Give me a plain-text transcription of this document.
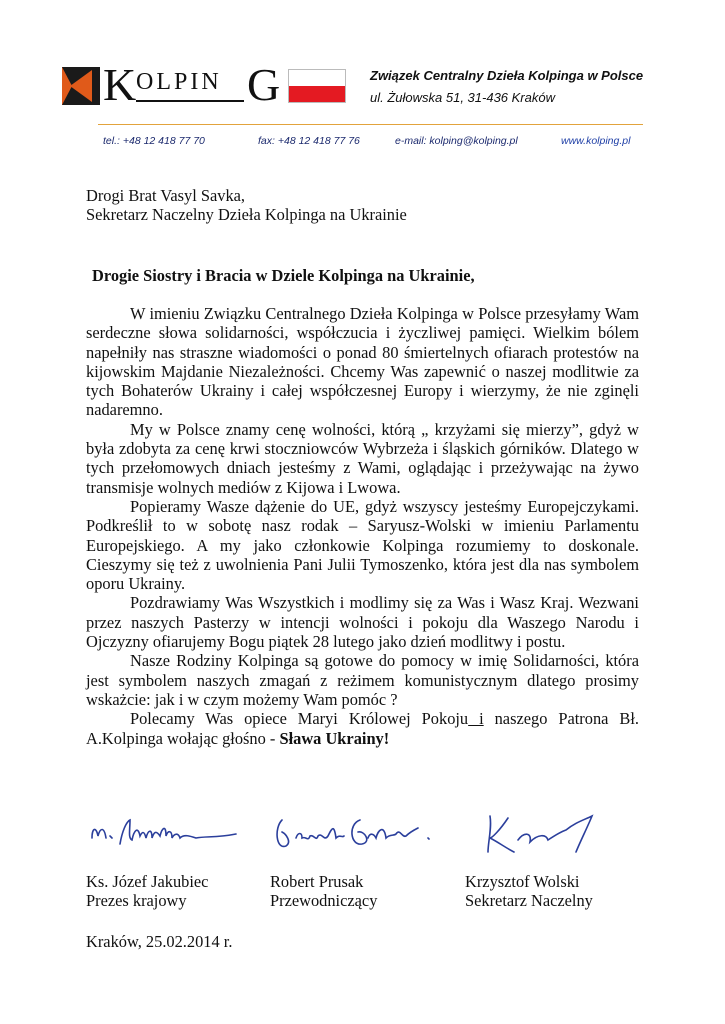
K OLPIN G	Związek Centralny Dzieła Kolpinga w Polsce
ul. Żułowska 51, 31-436 Kraków
tel.: +48 12 418 77 70	fax: +48 12 418 77 76	e-mail: kolping@kolping.pl	www.kolping.pl
Drogi Brat Vasyl Savka,
Sekretarz Naczelny Dzieła Kolpinga na Ukrainie
Drogie Siostry i Bracia w Dziele Kolpinga na Ukrainie,

W imieniu Związku Centralnego Dzieła Kolpinga w Polsce przesyłamy Wam serdeczne słowa solidarności, współczucia i życzliwej pamięci. Wielkim bólem napełniły nas straszne wiadomości o ponad 80 śmiertelnych ofiarach protestów na kijowskim Majdanie Niezależności. Chcemy Was zapewnić o naszej modlitwie za tych Bohaterów Ukrainy i całej współczesnej Europy i wierzymy, że nie zginęli nadaremno.

My w Polsce znamy cenę wolności, którą „ krzyżami się mierzy”, gdyż w była zdobyta za cenę krwi stoczniowców Wybrzeża i śląskich górników. Dlatego w tych przełomowych dniach jesteśmy z Wami, oglądając i przeżywając na żywo transmisje wolnych mediów z Kijowa i Lwowa.

Popieramy Wasze dążenie do UE, gdyż wszyscy jesteśmy Europejczykami. Podkreślił to w sobotę nasz rodak – Saryusz-Wolski w imieniu Parlamentu Europejskiego. A my jako członkowie Kolpinga rozumiemy to doskonale. Cieszymy się też z uwolnienia Pani Julii Tymoszenko, która jest dla nas symbolem oporu Ukrainy.

Pozdrawiamy Was Wszystkich i modlimy się za Was i Wasz Kraj. Wezwani przez naszych Pasterzy w intencji wolności i pokoju dla Waszego Narodu i Ojczyzny ofiarujemy Bogu piątek 28 lutego jako dzień modlitwy i postu.

Nasze Rodziny Kolpinga są gotowe do pomocy w imię Solidarności, która jest symbolem naszych zmagań z reżimem komunistycznym dlatego prosimy wskażcie: jak i w czym możemy Wam pomóc ?

Polecamy Was opiece Maryi Królowej Pokoju i naszego Patrona Bł. A.Kolpinga wołając głośno - Sława Ukrainy!

Ks. Józef Jakubiec
Prezes krajowy
Robert Prusak
Przewodniczący
Krzysztof Wolski
Sekretarz Naczelny
Kraków, 25.02.2014 r.
